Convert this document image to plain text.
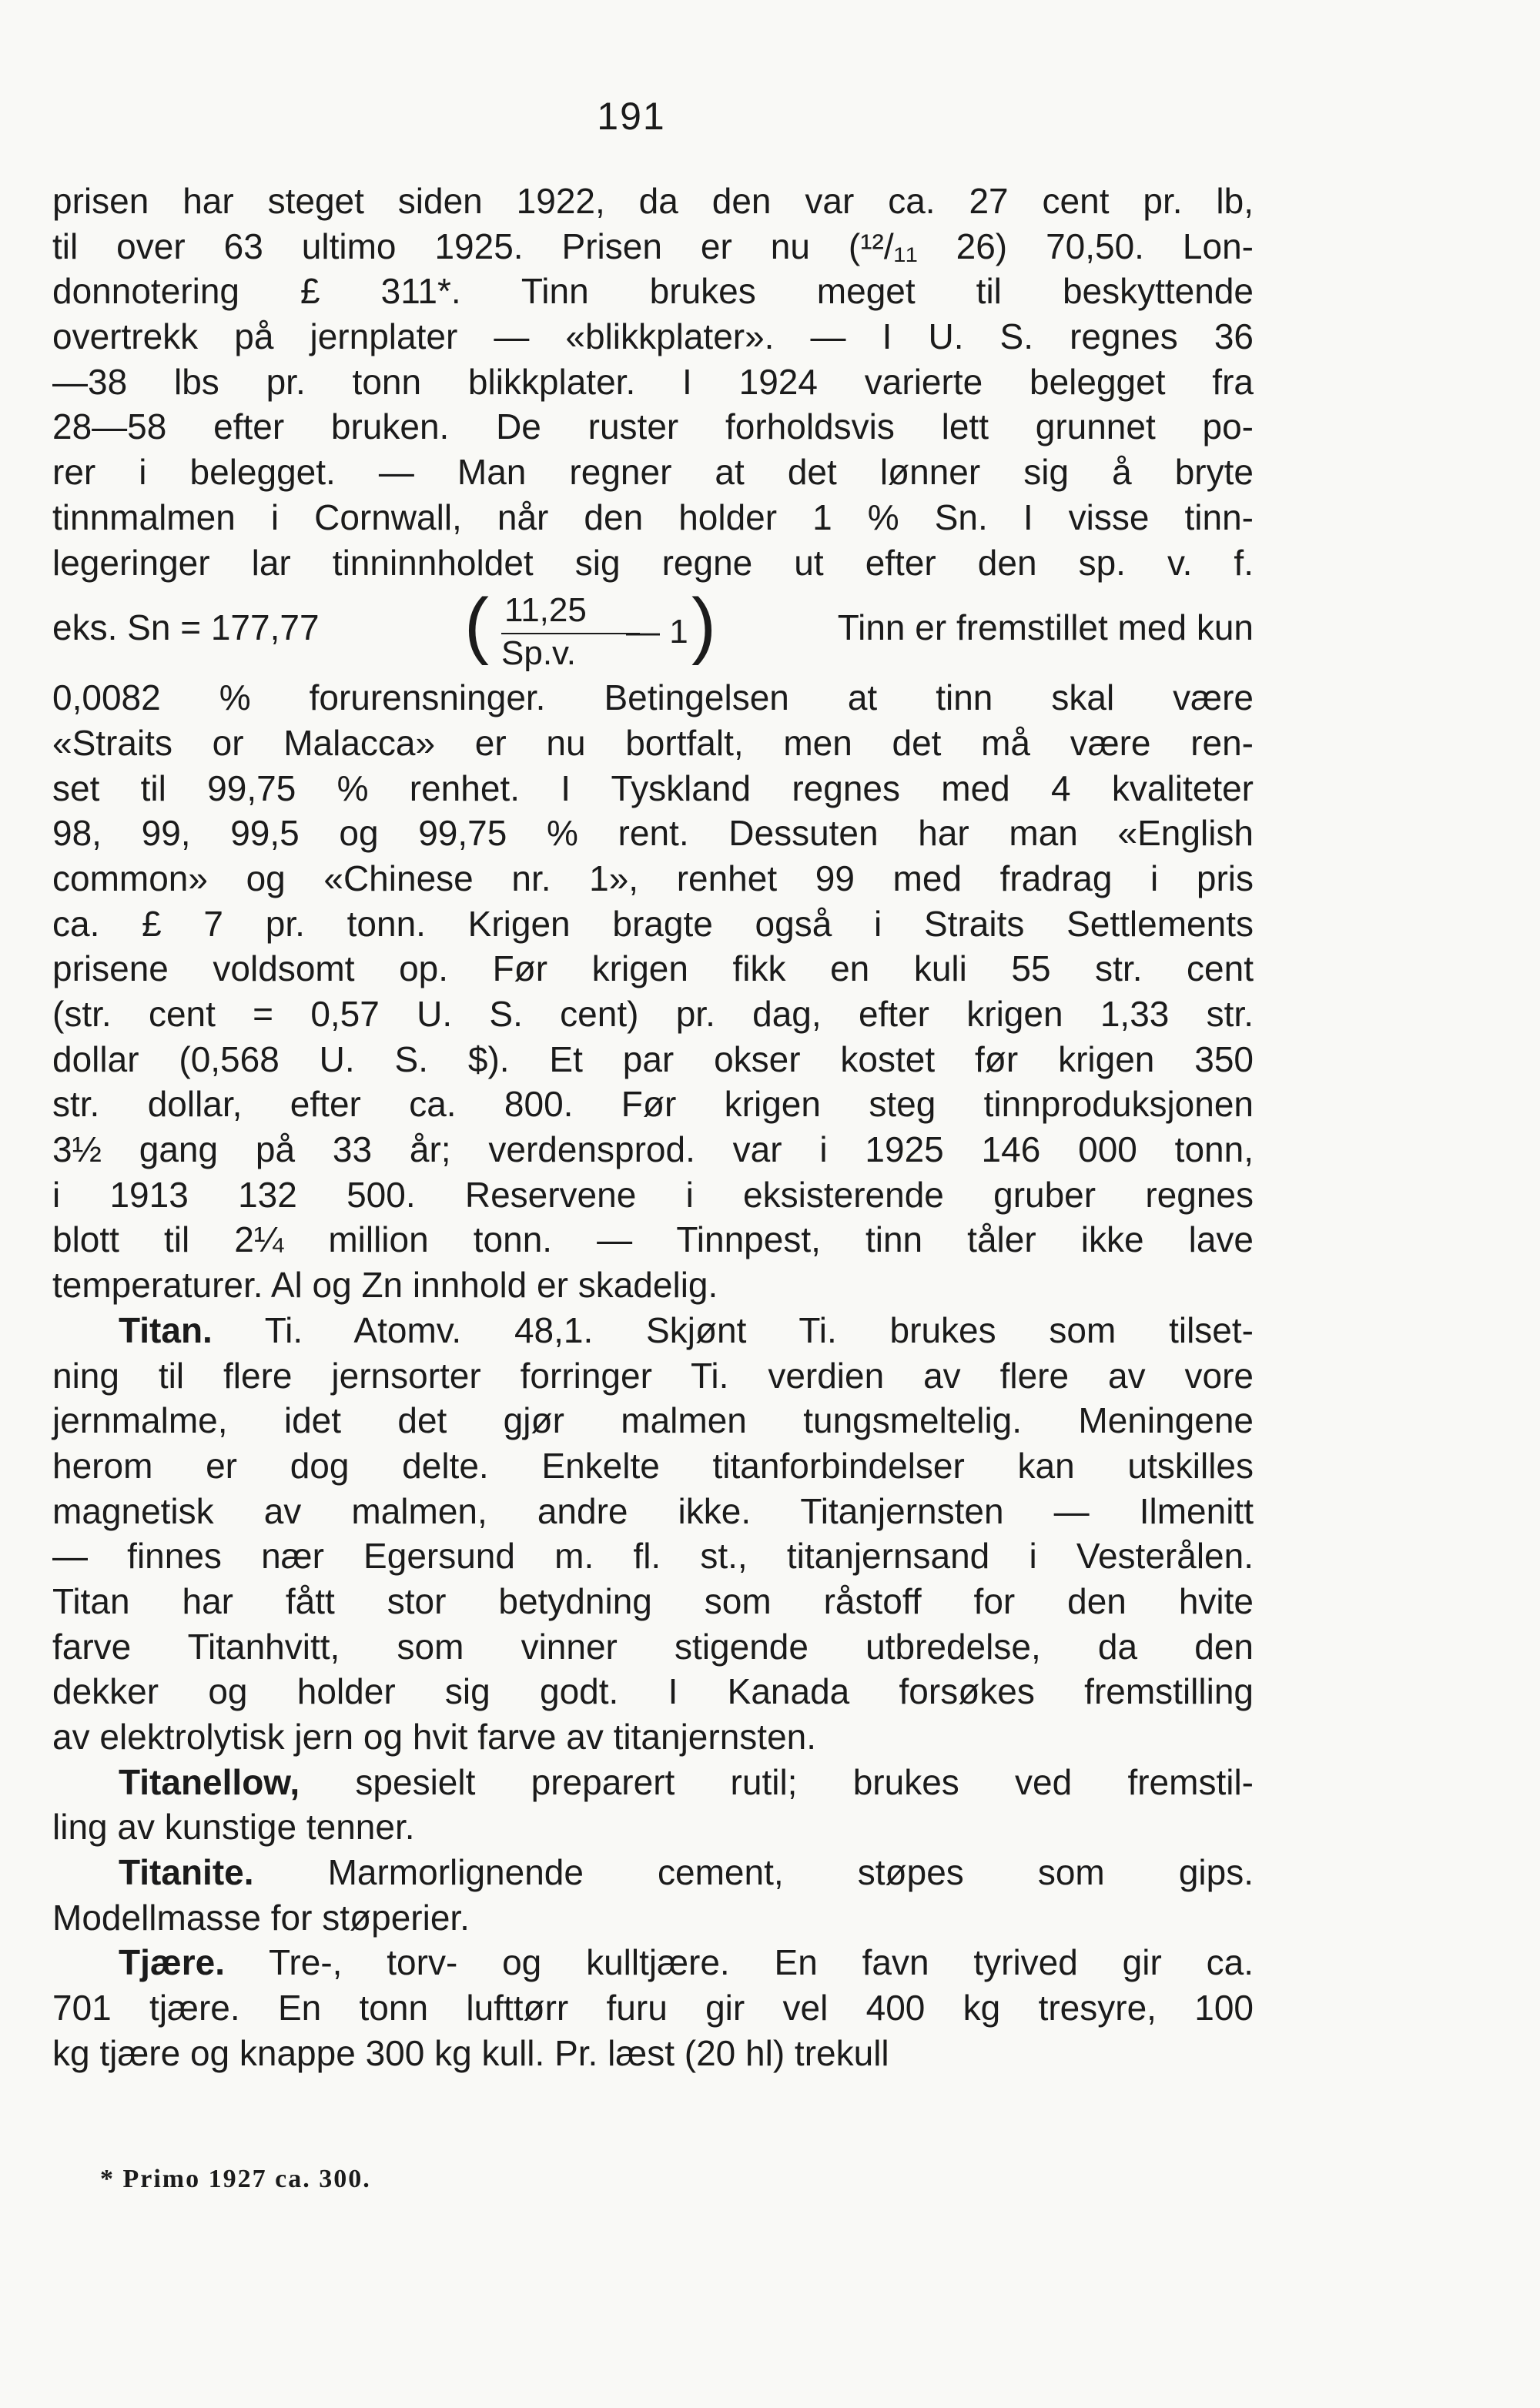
191
prisen har steget siden 1922, da den var ca. 27 cent pr. lb,
til over 63 ultimo 1925. Prisen er nu (¹²/₁₁ 26) 70,50. Lon-
donnotering £ 311*. Tinn brukes meget til beskyttende
overtrekk på jernplater — «blikkplater». — I U. S. regnes 36
—38 lbs pr. tonn blikkplater. I 1924 varierte belegget fra
28—58 efter bruken. De ruster forholdsvis lett grunnet po-
rer i belegget. — Man regner at det lønner sig å bryte
tinnmalmen i Cornwall, når den holder 1 % Sn. I visse tinn-
legeringer lar tinninnholdet sig regne ut efter den sp. v. f.
eks. Sn = 177,77 ( 11,25
Sp.v.
— 1 )	Tinn er fremstillet med kun
0,0082 % forurensninger. Betingelsen at tinn skal være
«Straits or Malacca» er nu bortfalt, men det må være ren-
set til 99,75 % renhet. I Tyskland regnes med 4 kvaliteter
98, 99, 99,5 og 99,75 % rent. Dessuten har man «English
common» og «Chinese nr. 1», renhet 99 med fradrag i pris
ca. £ 7 pr. tonn. Krigen bragte også i Straits Settlements
prisene voldsomt op. Før krigen fikk en kuli 55 str. cent
(str. cent = 0,57 U. S. cent) pr. dag, efter krigen 1,33 str.
dollar (0,568 U. S. $). Et par okser kostet før krigen 350
str. dollar, efter ca. 800. Før krigen steg tinnproduksjonen
3½ gang på 33 år; verdensprod. var i 1925 146 000 tonn,
i 1913 132 500. Reservene i eksisterende gruber regnes
blott til 2¼ million tonn. — Tinnpest, tinn tåler ikke lave
temperaturer. Al og Zn innhold er skadelig.
Titan. Ti. Atomv. 48,1. Skjønt Ti. brukes som tilset-
ning til flere jernsorter forringer Ti. verdien av flere av vore
jernmalme, idet det gjør malmen tungsmeltelig. Meningene
herom er dog delte. Enkelte titanforbindelser kan utskilles
magnetisk av malmen, andre ikke. Titanjernsten — Ilmenitt
— finnes nær Egersund m. fl. st., titanjernsand i Vesterålen.
Titan har fått stor betydning som råstoff for den hvite
farve Titanhvitt, som vinner stigende utbredelse, da den
dekker og holder sig godt. I Kanada forsøkes fremstilling
av elektrolytisk jern og hvit farve av titanjernsten.
Titanellow, spesielt preparert rutil; brukes ved fremstil-
ling av kunstige tenner.
Titanite. Marmorlignende cement, støpes som gips.
Modellmasse for støperier.
Tjære. Tre-, torv- og kulltjære. En favn tyrived gir ca.
701 tjære. En tonn lufttørr furu gir vel 400 kg tresyre, 100
kg tjære og knappe 300 kg kull. Pr. læst (20 hl) trekull
* Primo 1927 ca. 300.
